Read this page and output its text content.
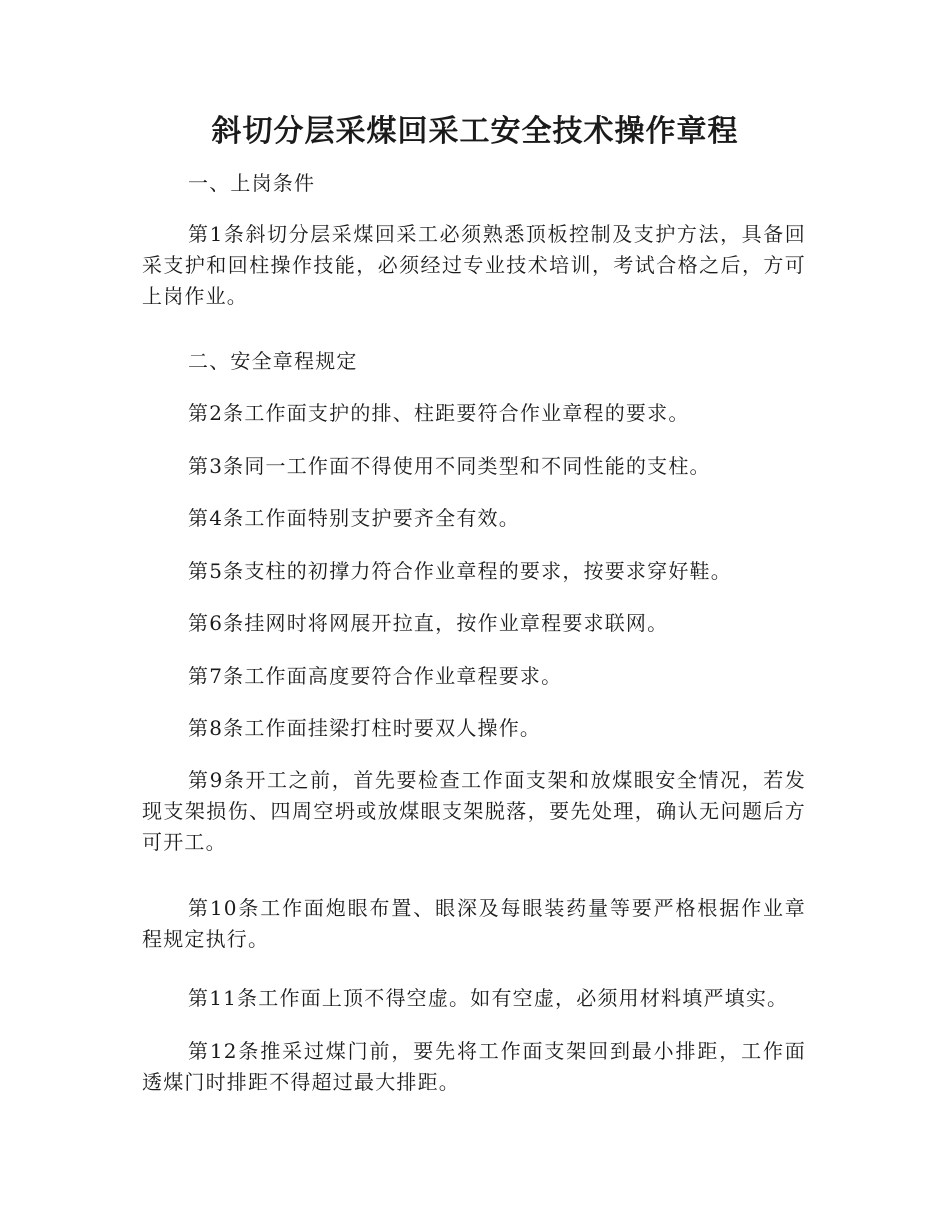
斜切分层采煤回采工安全技术操作章程

一、上岗条件

第1条斜切分层采煤回采工必须熟悉顶板控制及支护方法，具备回采支护和回柱操作技能，必须经过专业技术培训，考试合格之后，方可上岗作业。

二、安全章程规定

第2条工作面支护的排、柱距要符合作业章程的要求。

第3条同一工作面不得使用不同类型和不同性能的支柱。

第4条工作面特别支护要齐全有效。

第5条支柱的初撑力符合作业章程的要求，按要求穿好鞋。

第6条挂网时将网展开拉直，按作业章程要求联网。

第7条工作面高度要符合作业章程要求。

第8条工作面挂梁打柱时要双人操作。

第9条开工之前，首先要检查工作面支架和放煤眼安全情况，若发现支架损伤、四周空坍或放煤眼支架脱落，要先处理，确认无问题后方可开工。

第10条工作面炮眼布置、眼深及每眼装药量等要严格根据作业章程规定执行。

第11条工作面上顶不得空虚。如有空虚，必须用材料填严填实。

第12条推采过煤门前，要先将工作面支架回到最小排距，工作面透煤门时排距不得超过最大排距。
